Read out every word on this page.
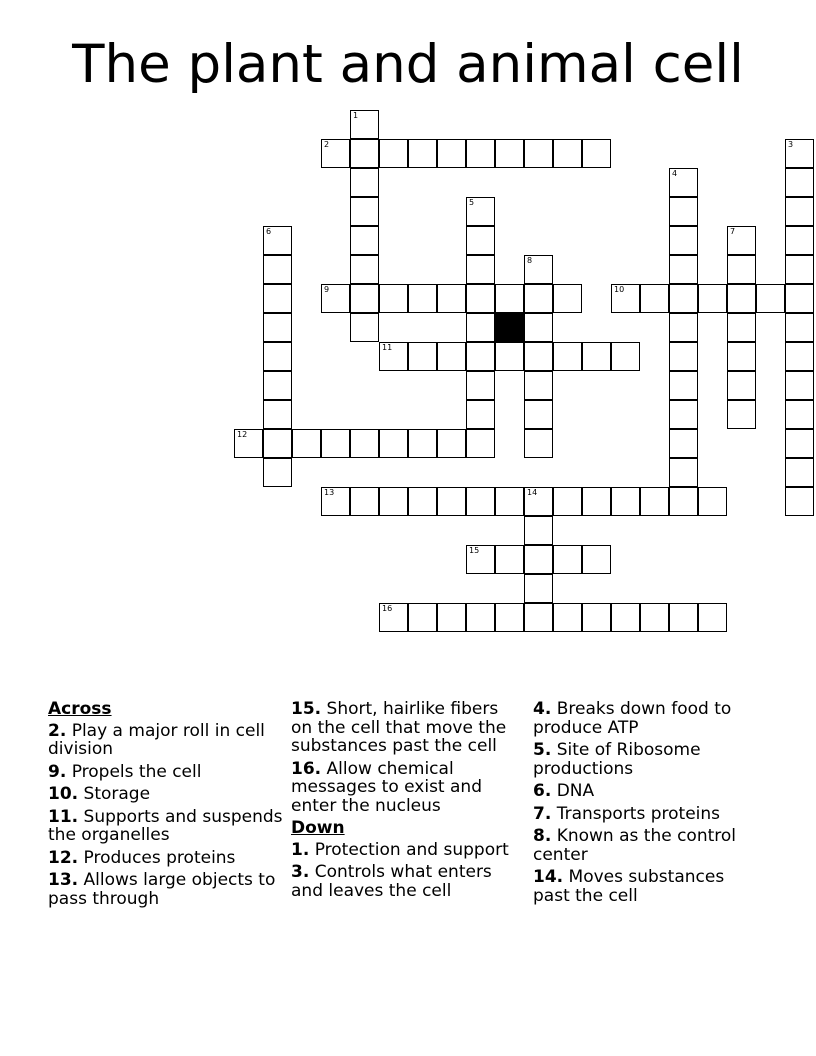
The plant and animal cell
2
9	10
11
12
13	14
15
16
1
3
4
5
6	7
8
Across
2. Play a major roll in cell division
9. Propels the cell
10. Storage
11. Supports and suspends the organelles
12. Produces proteins
13. Allows large objects to pass through
15. Short, hairlike fibers on the cell that move the substances past the cell
16. Allow chemical messages to exist and enter the nucleus
Down
1. Protection and support
3. Controls what enters and leaves the cell
4. Breaks down food to produce ATP
5. Site of Ribosome productions
6. DNA
7. Transports proteins
8. Known as the control center
14. Moves substances past the cell
